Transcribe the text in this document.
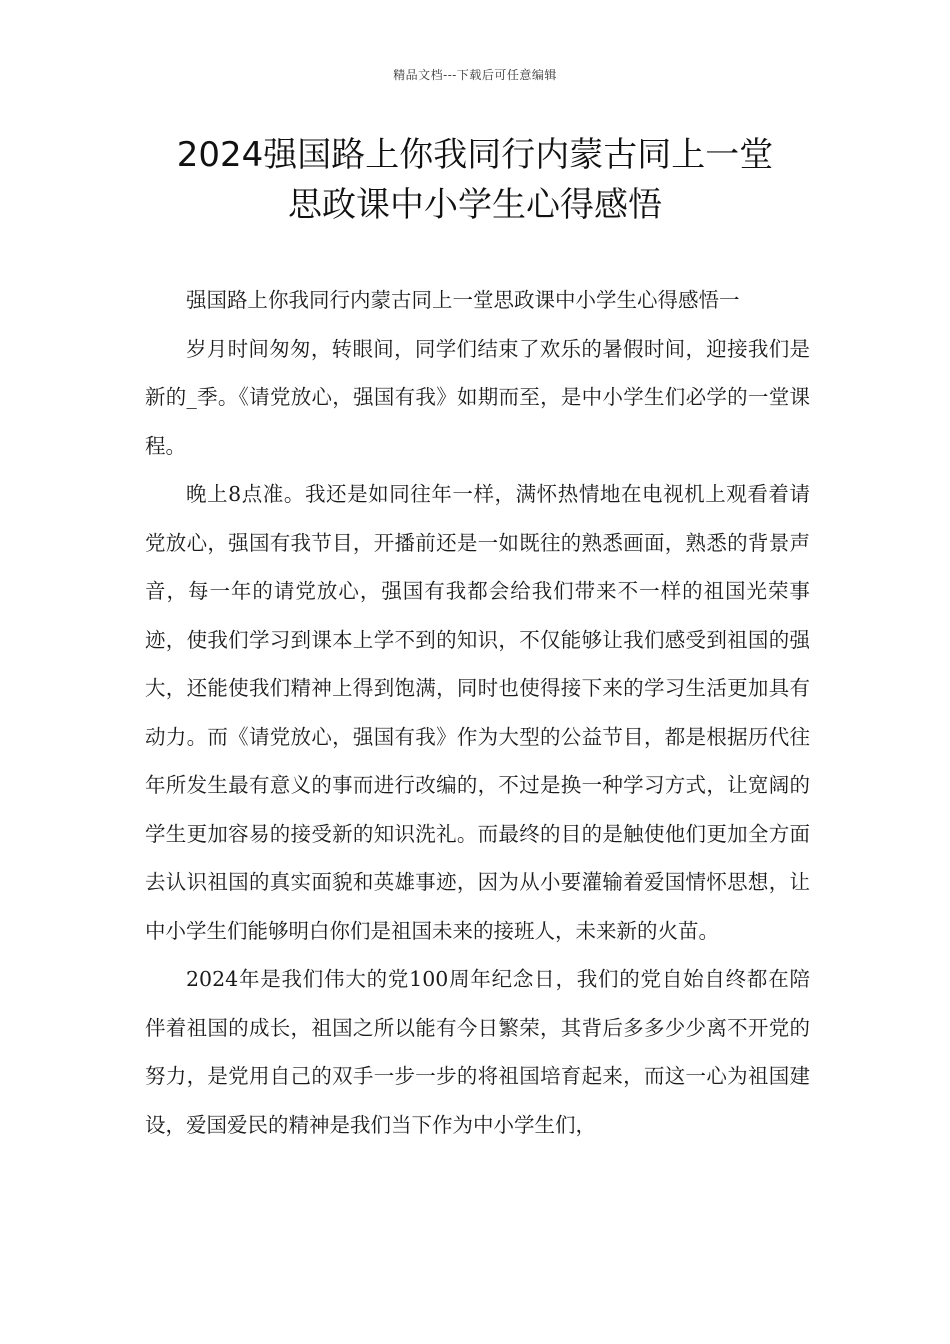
精品文档---下载后可任意编辑
2024强国路上你我同行内蒙古同上一堂
思政课中小学生心得感悟

强国路上你我同行内蒙古同上一堂思政课中小学生心得感悟一

岁月时间匆匆，转眼间，同学们结束了欢乐的暑假时间，迎接我们是新的_季。《请党放心，强国有我》如期而至，是中小学生们必学的一堂课程。

晚上8点准。我还是如同往年一样，满怀热情地在电视机上观看着请党放心，强国有我节目，开播前还是一如既往的熟悉画面，熟悉的背景声音，每一年的请党放心，强国有我都会给我们带来不一样的祖国光荣事迹，使我们学习到课本上学不到的知识，不仅能够让我们感受到祖国的强大，还能使我们精神上得到饱满，同时也使得接下来的学习生活更加具有动力。而《请党放心，强国有我》作为大型的公益节目，都是根据历代往年所发生最有意义的事而进行改编的，不过是换一种学习方式，让宽阔的学生更加容易的接受新的知识洗礼。而最终的目的是触使他们更加全方面去认识祖国的真实面貌和英雄事迹，因为从小要灌输着爱国情怀思想，让中小学生们能够明白你们是祖国未来的接班人，未来新的火苗。

2024年是我们伟大的党100周年纪念日，我们的党自始自终都在陪伴着祖国的成长，祖国之所以能有今日繁荣，其背后多多少少离不开党的努力，是党用自己的双手一步一步的将祖国培育起来，而这一心为祖国建设，爱国爱民的精神是我们当下作为中小学生们，
